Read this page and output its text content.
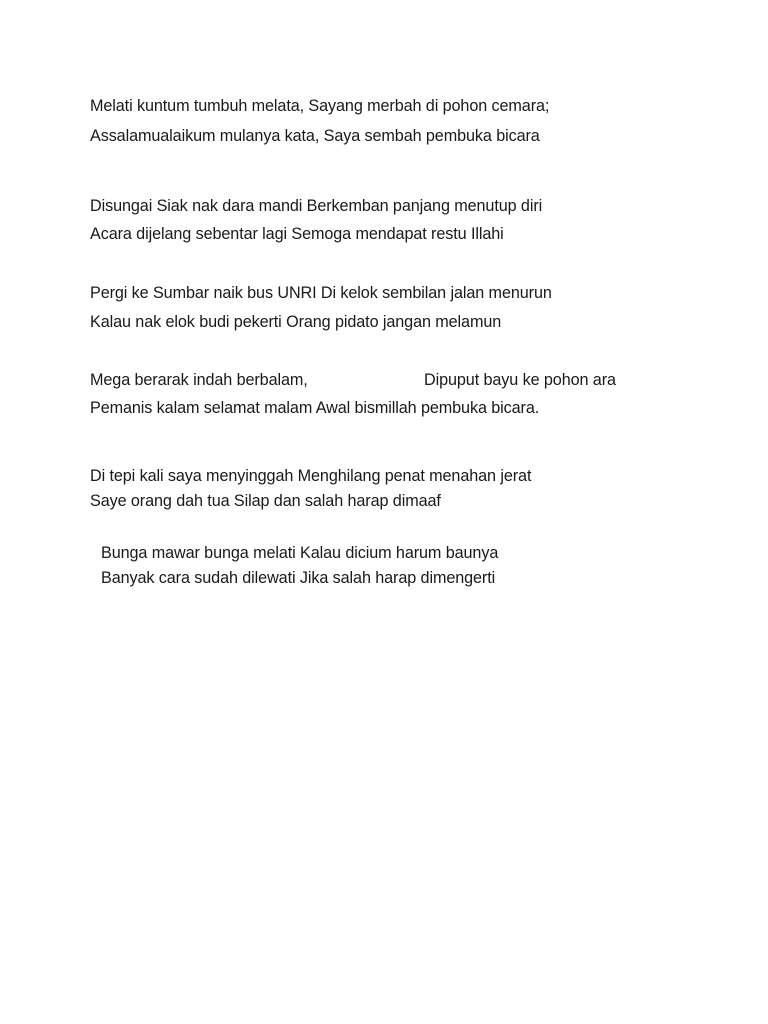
Melati kuntum tumbuh melata, Sayang merbah di pohon cemara;
Assalamualaikum mulanya kata, Saya sembah pembuka bicara
Disungai Siak nak dara mandi Berkemban panjang menutup diri
Acara dijelang sebentar lagi Semoga mendapat restu Illahi
Pergi ke Sumbar naik bus UNRI Di kelok sembilan jalan menurun
Kalau nak elok budi pekerti Orang pidato jangan melamun
Mega berarak indah berbalam,	Dipuput bayu ke pohon ara
Pemanis kalam selamat malam Awal bismillah pembuka bicara.
Di tepi kali saya menyinggah Menghilang penat menahan jerat
Saye orang dah tua Silap dan salah harap dimaaf
Bunga mawar bunga melati Kalau dicium harum baunya
Banyak cara sudah dilewati Jika salah harap dimengerti
